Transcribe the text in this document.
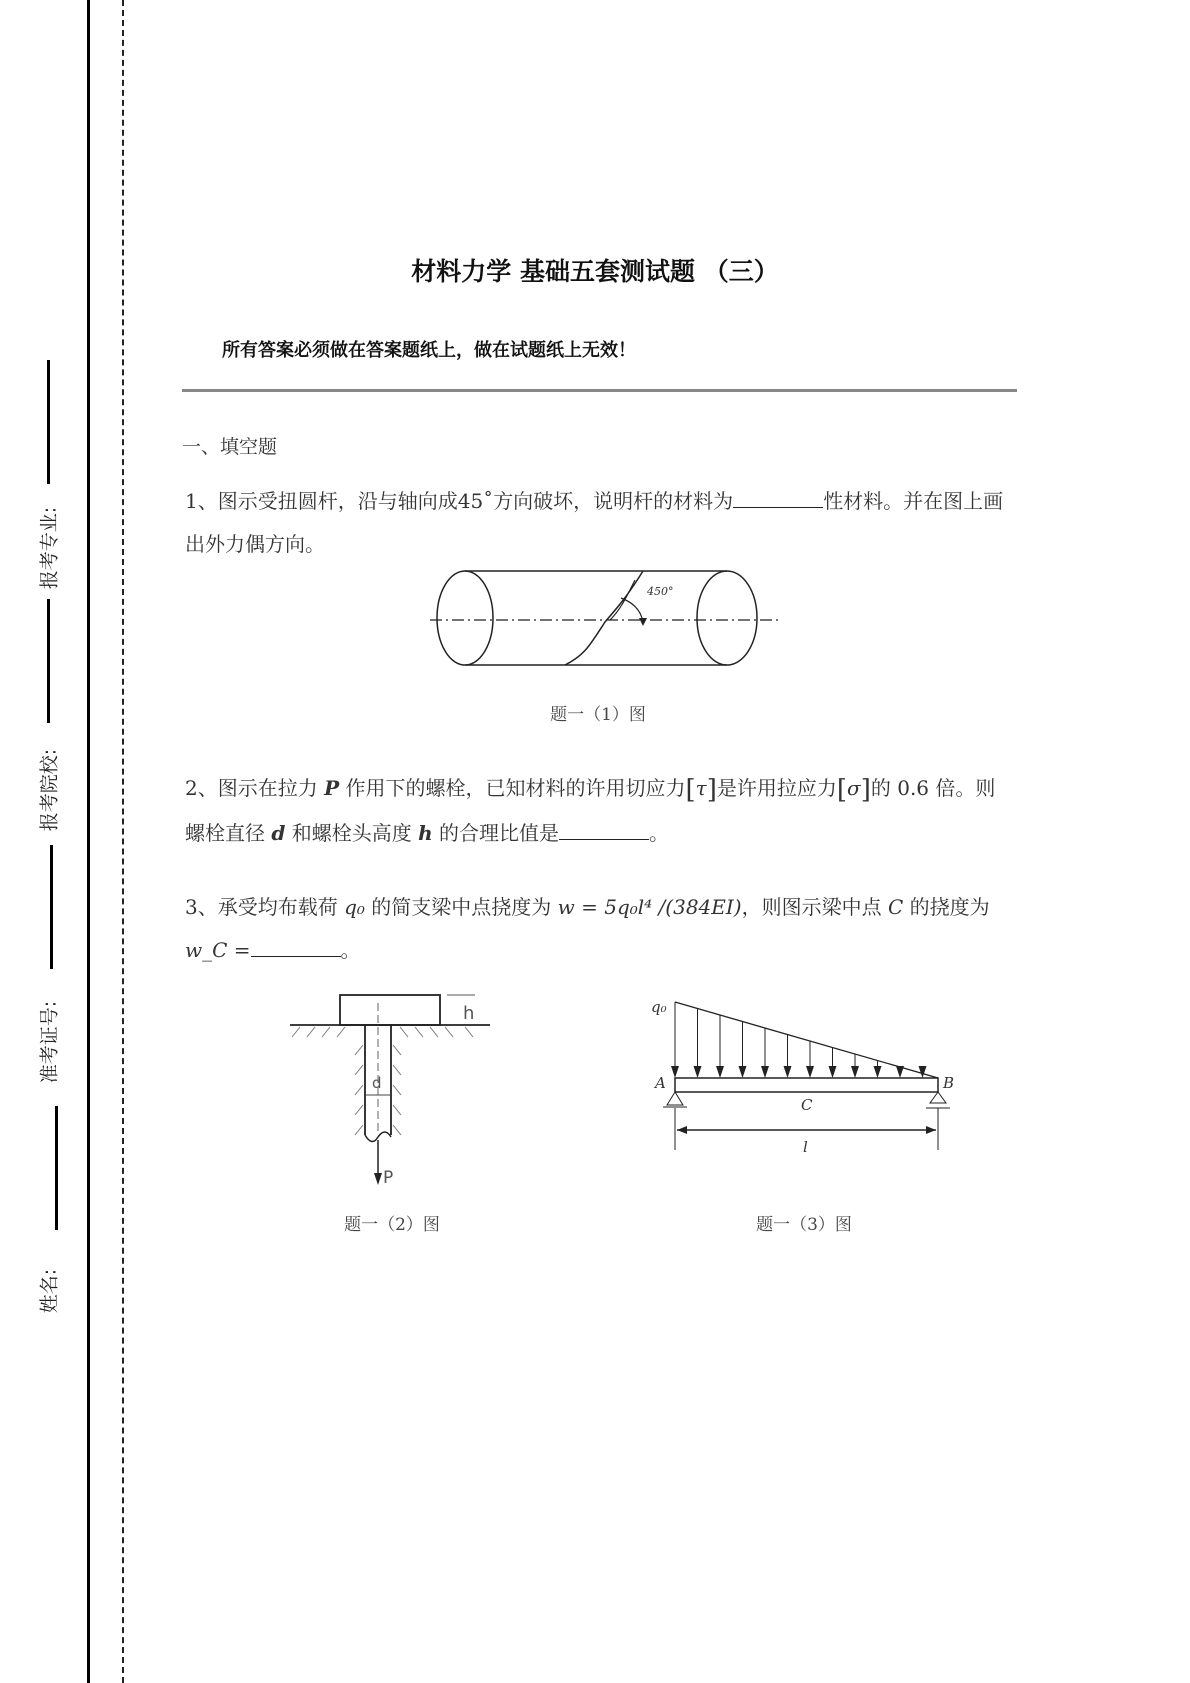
报考专业:
报考院校:
准考证号:
姓名:
材料力学 基础五套测试题 （三）
所有答案必须做在答案题纸上，做在试题纸上无效！
一、填空题
1、图示受扭圆杆，沿与轴向成45˚方向破坏，说明杆的材料为	性材料。并在图上画出外力偶方向。
450°
题一（1）图
2、图示在拉力 P 作用下的螺栓，已知材料的许用切应力[τ]是许用拉应力[σ]的 0.6 倍。则螺栓直径 d 和螺栓头高度 h 的合理比值是	。
3、承受均布载荷 q₀ 的简支梁中点挠度为 w = 5q₀l⁴ /(384EI)，则图示梁中点 C 的挠度为 w_C =	。
h
d
P
题一（2）图
q₀
A	B
C
l
题一（3）图
